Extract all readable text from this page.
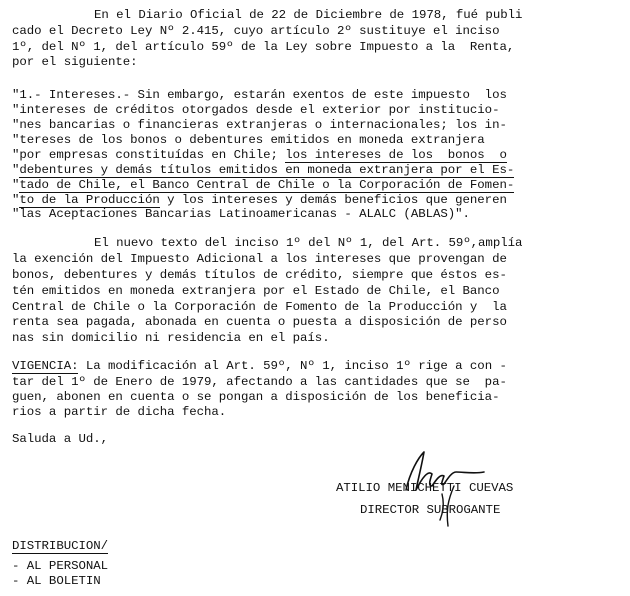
En el Diario Oficial de 22 de Diciembre de 1978, fué publi
cado el Decreto Ley Nº 2.415, cuyo artículo 2º sustituye el inciso
1º, del Nº 1, del artículo 59º de la Ley sobre Impuesto a la  Renta,
por el siguiente:
"1.- Intereses.- Sin embargo, estarán exentos de este impuesto  los
"intereses de créditos otorgados desde el exterior por institucio-
"nes bancarias o financieras extranjeras o internacionales; los in-
"tereses de los bonos o debentures emitidos en moneda extranjera
"por empresas constituídas en Chile; los intereses de los  bonos  o
"debentures y demás títulos emitidos en moneda extranjera por el Es-
"tado de Chile, el Banco Central de Chile o la Corporación de Fomen-
"to de la Producción y los intereses y demás beneficios que generen
"las Aceptaciones Bancarias Latinoamericanas - ALALC (ABLAS)".
El nuevo texto del inciso 1º del Nº 1, del Art. 59º,amplía
la exención del Impuesto Adicional a los intereses que provengan de
bonos, debentures y demás títulos de crédito, siempre que éstos es-
tén emitidos en moneda extranjera por el Estado de Chile, el Banco
Central de Chile o la Corporación de Fomento de la Producción y  la
renta sea pagada, abonada en cuenta o puesta a disposición de perso
nas sin domicilio ni residencia en el país.
VIGENCIA: La modificación al Art. 59º, Nº 1, inciso 1º rige a con -
tar del 1º de Enero de 1979, afectando a las cantidades que se  pa-
guen, abonen en cuenta o se pongan a disposición de los beneficia-
rios a partir de dicha fecha.
Saluda a Ud.,
ATILIO MENICHETTI CUEVAS
DIRECTOR SUBROGANTE
DISTRIBUCION/
- AL PERSONAL
- AL BOLETIN
